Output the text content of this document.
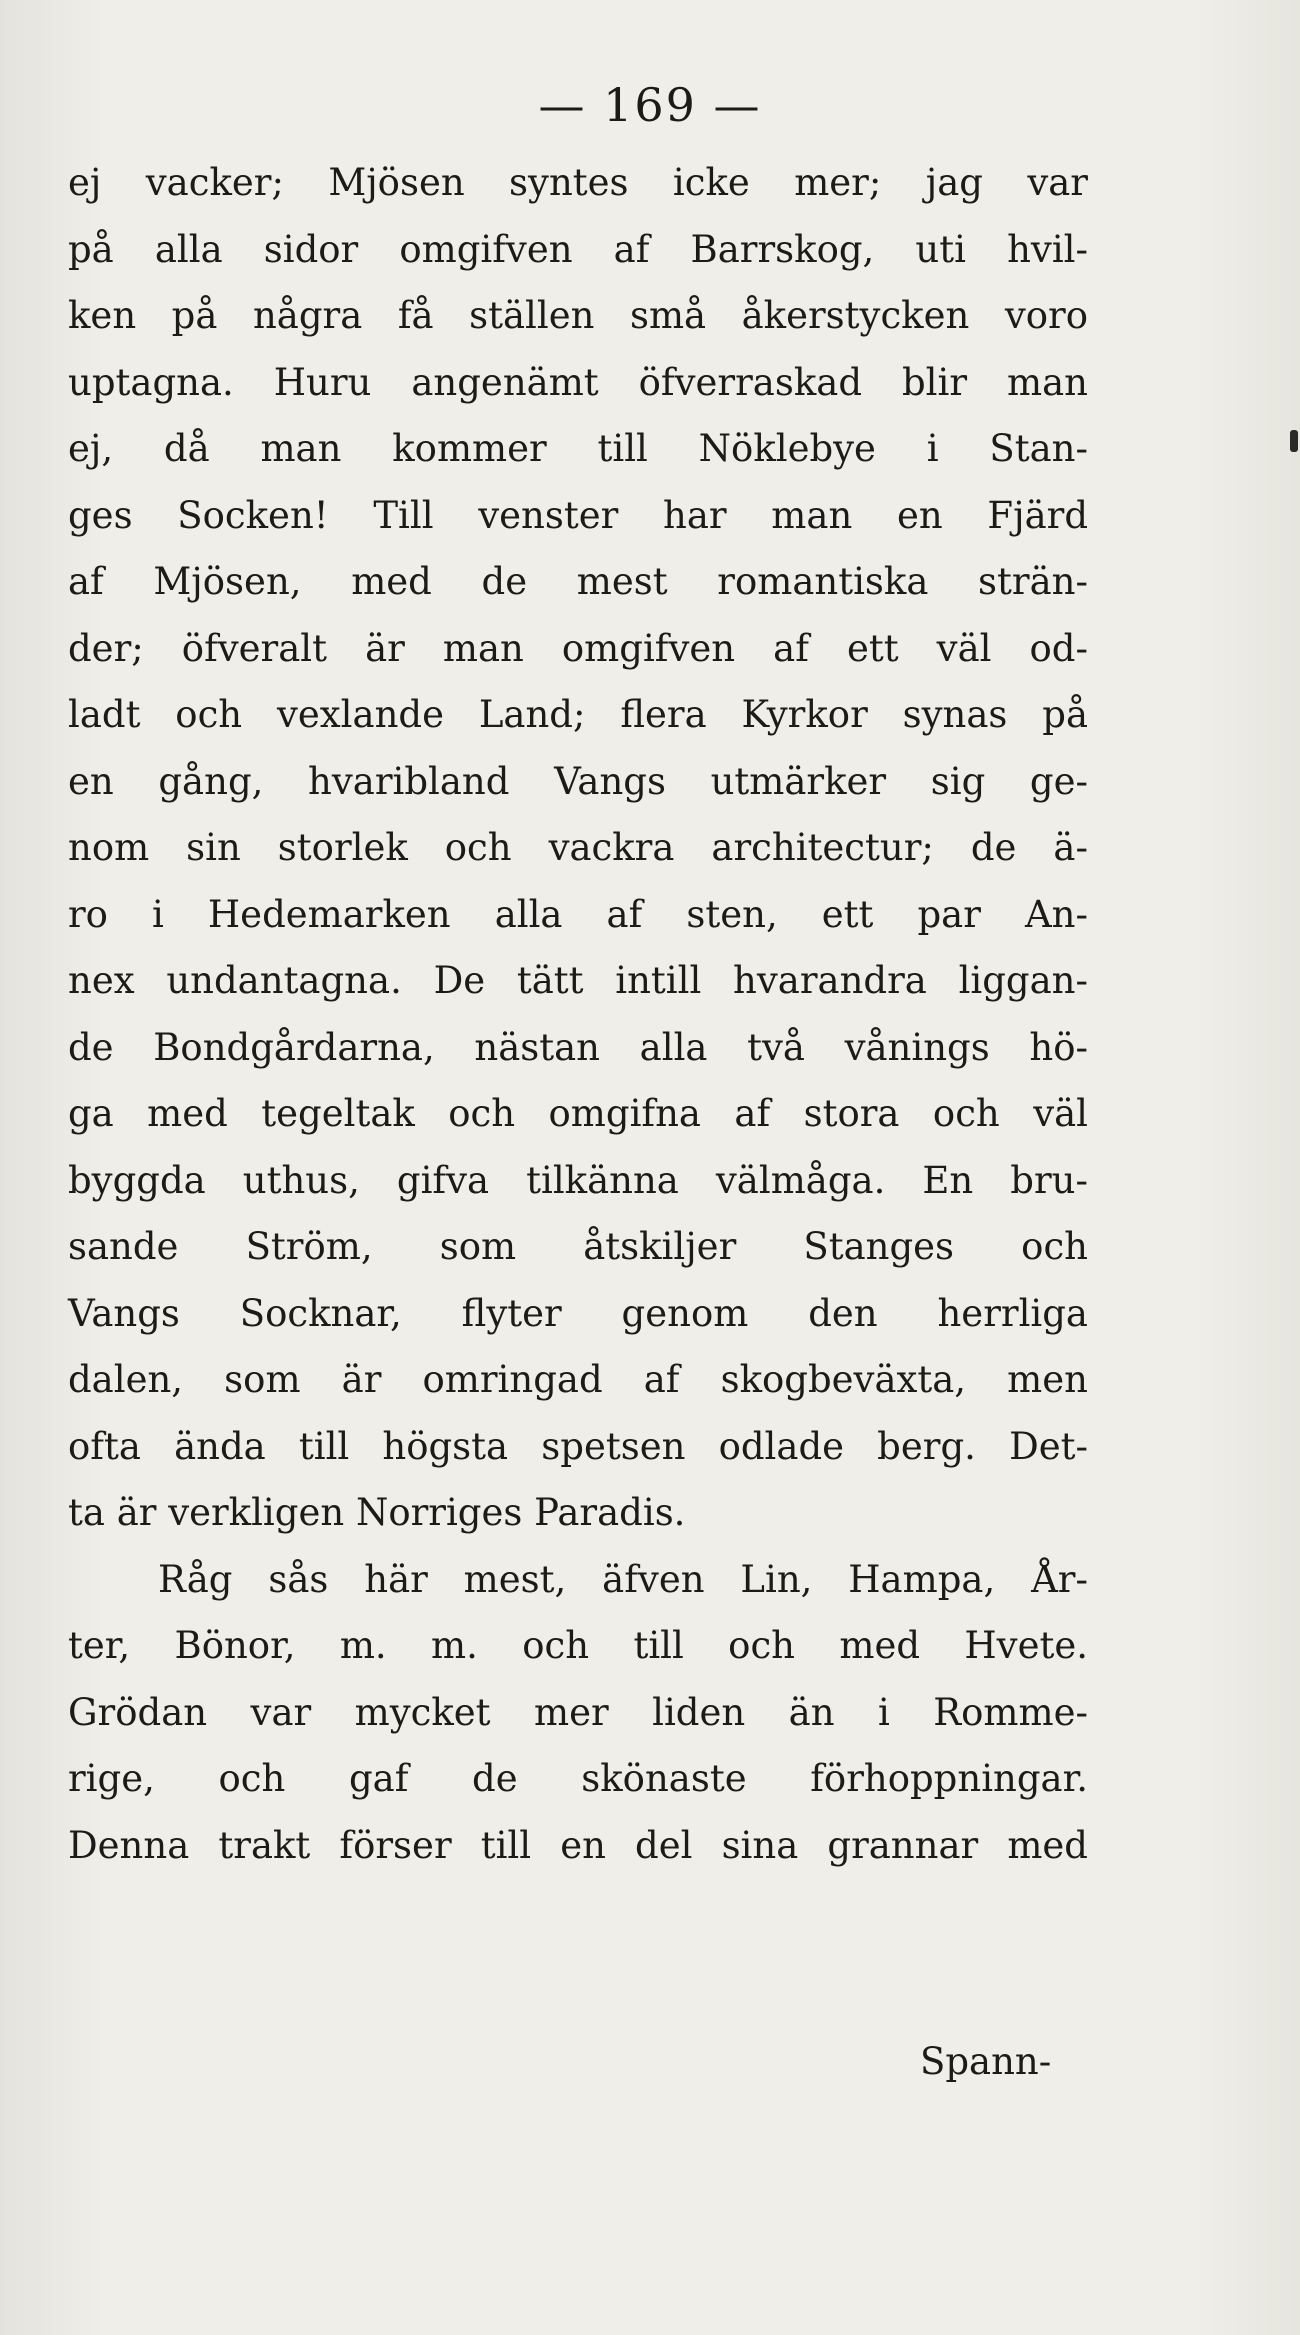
— 169 —
ej vacker; Mjösen syntes icke mer; jag var
på alla sidor omgifven af Barrskog, uti hvil-
ken på några få ställen små åkerstycken voro
uptagna. Huru angenämt öfverraskad blir man
ej, då man kommer till Nöklebye i Stan-
ges Socken! Till venster har man en Fjärd
af Mjösen, med de mest romantiska strän-
der; öfveralt är man omgifven af ett väl od-
ladt och vexlande Land; flera Kyrkor synas på
en gång, hvaribland Vangs utmärker sig ge-
nom sin storlek och vackra architectur; de ä-
ro i Hedemarken alla af sten, ett par An-
nex undantagna. De tätt intill hvarandra liggan-
de Bondgårdarna, nästan alla två vånings hö-
ga med tegeltak och omgifna af stora och väl
byggda uthus, gifva tilkänna välmåga. En bru-
sande Ström, som åtskiljer Stanges och
Vangs Socknar, flyter genom den herrliga
dalen, som är omringad af skogbeväxta, men
ofta ända till högsta spetsen odlade berg. Det-
ta är verkligen Norriges Paradis.
Råg sås här mest, äfven Lin, Hampa, År-
ter, Bönor, m. m. och till och med Hvete.
Grödan var mycket mer liden än i Romme-
rige, och gaf de skönaste förhoppningar.
Denna trakt förser till en del sina grannar med
Spann-
